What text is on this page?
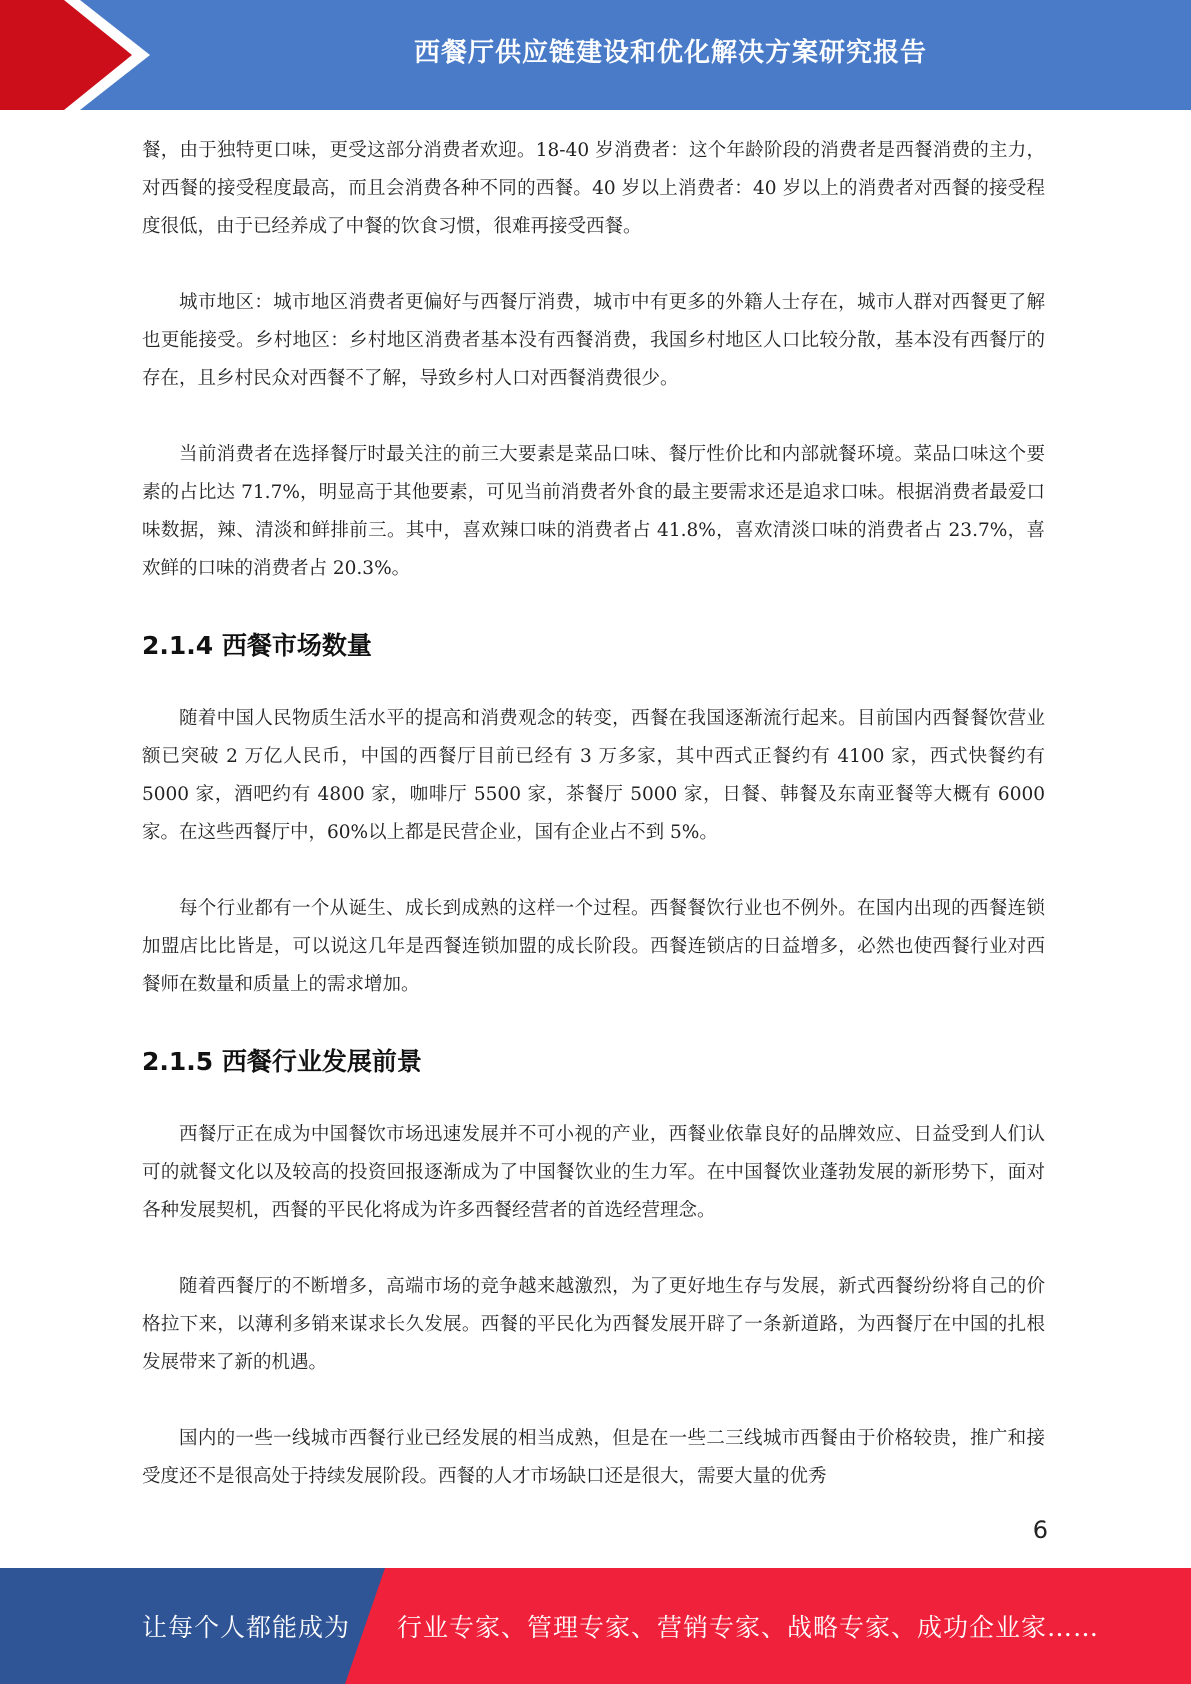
西餐厅供应链建设和优化解决方案研究报告

餐，由于独特更口味，更受这部分消费者欢迎。18-40 岁消费者：这个年龄阶段的消费者是西餐消费的主力，对西餐的接受程度最高，而且会消费各种不同的西餐。40 岁以上消费者：40 岁以上的消费者对西餐的接受程度很低，由于已经养成了中餐的饮食习惯，很难再接受西餐。

城市地区：城市地区消费者更偏好与西餐厅消费，城市中有更多的外籍人士存在，城市人群对西餐更了解也更能接受。乡村地区：乡村地区消费者基本没有西餐消费，我国乡村地区人口比较分散，基本没有西餐厅的存在，且乡村民众对西餐不了解，导致乡村人口对西餐消费很少。

当前消费者在选择餐厅时最关注的前三大要素是菜品口味、餐厅性价比和内部就餐环境。菜品口味这个要素的占比达 71.7%，明显高于其他要素，可见当前消费者外食的最主要需求还是追求口味。根据消费者最爱口味数据，辣、清淡和鲜排前三。其中，喜欢辣口味的消费者占 41.8%，喜欢清淡口味的消费者占 23.7%，喜欢鲜的口味的消费者占 20.3%。

2.1.4 西餐市场数量

随着中国人民物质生活水平的提高和消费观念的转变，西餐在我国逐渐流行起来。目前国内西餐餐饮营业额已突破 2 万亿人民币，中国的西餐厅目前已经有 3 万多家，其中西式正餐约有 4100 家，西式快餐约有 5000 家，酒吧约有 4800 家，咖啡厅 5500 家，茶餐厅 5000 家，日餐、韩餐及东南亚餐等大概有 6000 家。在这些西餐厅中，60%以上都是民营企业，国有企业占不到 5%。

每个行业都有一个从诞生、成长到成熟的这样一个过程。西餐餐饮行业也不例外。在国内出现的西餐连锁加盟店比比皆是，可以说这几年是西餐连锁加盟的成长阶段。西餐连锁店的日益增多，必然也使西餐行业对西餐师在数量和质量上的需求增加。

2.1.5 西餐行业发展前景

西餐厅正在成为中国餐饮市场迅速发展并不可小视的产业，西餐业依靠良好的品牌效应、日益受到人们认可的就餐文化以及较高的投资回报逐渐成为了中国餐饮业的生力军。在中国餐饮业蓬勃发展的新形势下，面对各种发展契机，西餐的平民化将成为许多西餐经营者的首选经营理念。

随着西餐厅的不断增多，高端市场的竞争越来越激烈，为了更好地生存与发展，新式西餐纷纷将自己的价格拉下来，以薄利多销来谋求长久发展。西餐的平民化为西餐发展开辟了一条新道路，为西餐厅在中国的扎根发展带来了新的机遇。

国内的一些一线城市西餐行业已经发展的相当成熟，但是在一些二三线城市西餐由于价格较贵，推广和接受度还不是很高处于持续发展阶段。西餐的人才市场缺口还是很大，需要大量的优秀

6
让每个人都能成为 行业专家、管理专家、营销专家、战略专家、成功企业家……
